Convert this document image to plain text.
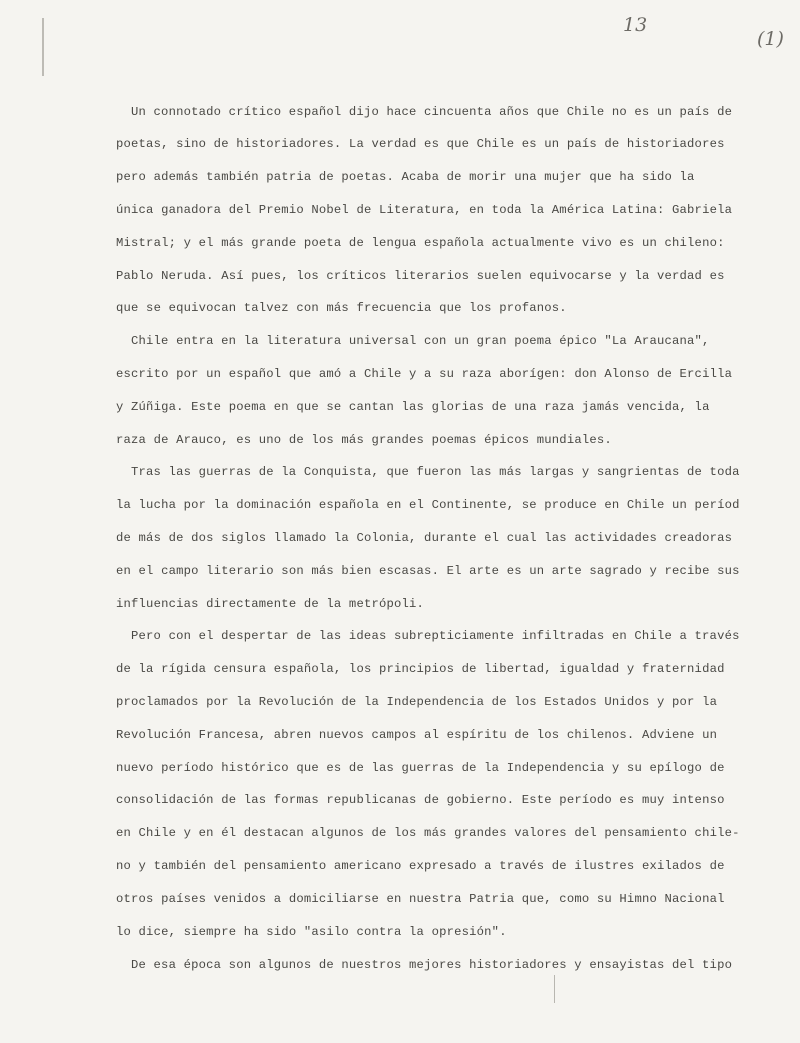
13
(1)

Un connotado crítico español dijo hace cincuenta años que Chile no es un país de

poetas, sino de historiadores. La verdad es que Chile es un país de historiadores

pero además también patria de poetas. Acaba de morir una mujer que ha sido la

única ganadora del Premio Nobel de Literatura, en toda la América Latina: Gabriela

Mistral; y el más grande poeta de lengua española actualmente vivo es un chileno:

Pablo Neruda. Así pues, los críticos literarios suelen equivocarse y la verdad es

que se equivocan talvez con más frecuencia que los profanos.

Chile entra en la literatura universal con un gran poema épico "La Araucana",

escrito por un español que amó a Chile y a su raza aborígen: don Alonso de Ercilla

y Zúñiga. Este poema en que se cantan las glorias de una raza jamás vencida, la

raza de Arauco, es uno de los más grandes poemas épicos mundiales.

Tras las guerras de la Conquista, que fueron las más largas y sangrientas de toda

la lucha por la dominación española en el Continente, se produce en Chile un períod

de más de dos siglos llamado la Colonia, durante el cual las actividades creadoras

en el campo literario son más bien escasas. El arte es un arte sagrado y recibe sus

influencias directamente de la metrópoli.

Pero con el despertar de las ideas subrepticiamente infiltradas en Chile a través

de la rígida censura española, los principios de libertad, igualdad y fraternidad

proclamados por la Revolución de la Independencia de los Estados Unidos y por la

Revolución Francesa, abren nuevos campos al espíritu de los chilenos. Adviene un

nuevo período histórico que es de las guerras de la Independencia y su epílogo de

consolidación de las formas republicanas de gobierno. Este período es muy intenso

en Chile y en él destacan algunos de los más grandes valores del pensamiento chile-

no y también del pensamiento americano expresado a través de ilustres exilados de

otros países venidos a domiciliarse en nuestra Patria que, como su Himno Nacional

lo dice, siempre ha sido "asilo contra la opresión".

De esa época son algunos de nuestros mejores historiadores y ensayistas del tipo
